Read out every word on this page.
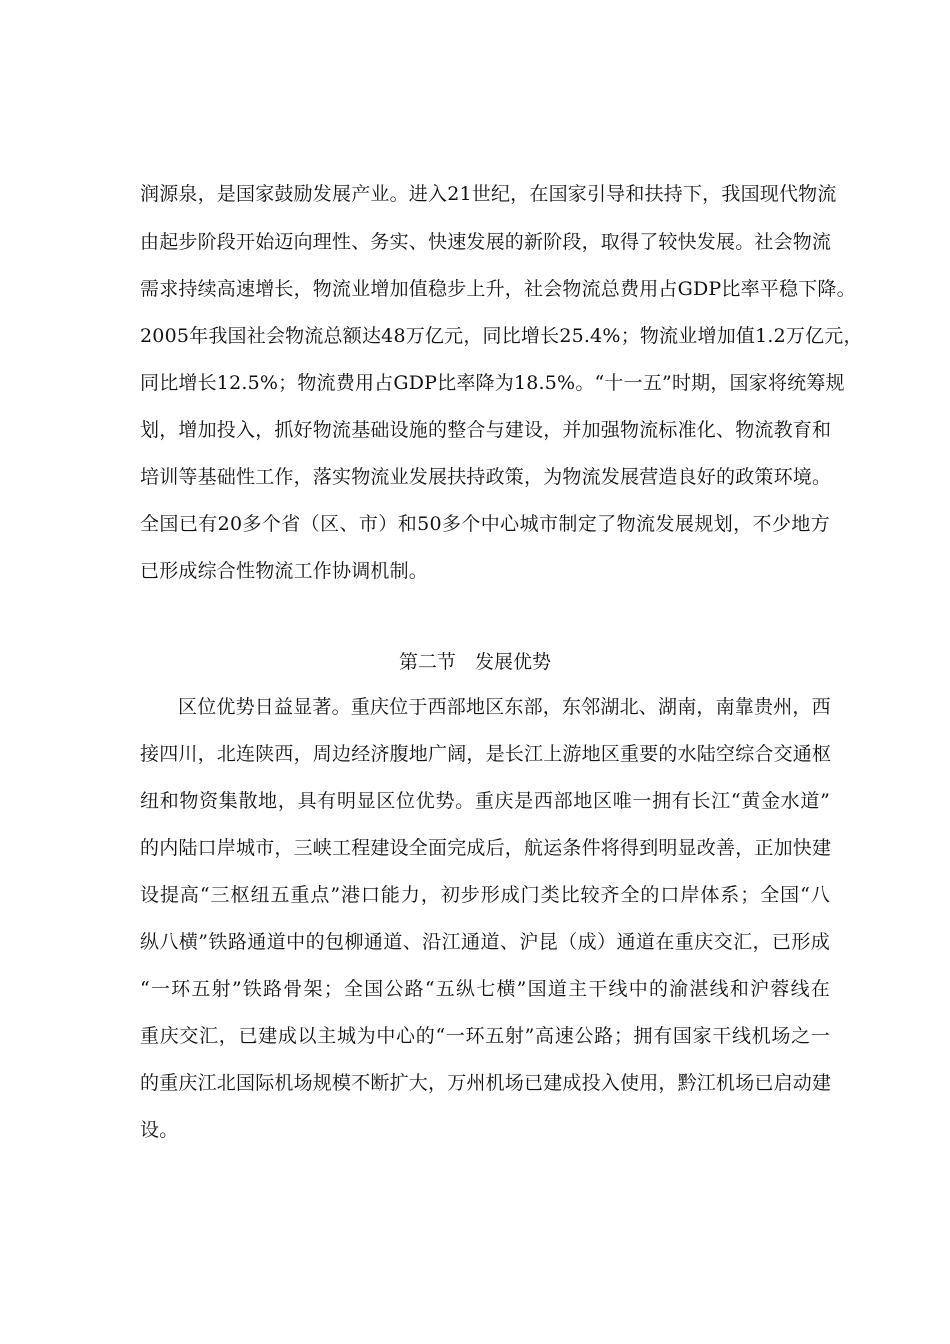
润源泉，是国家鼓励发展产业。进入21世纪，在国家引导和扶持下，我国现代物流
由起步阶段开始迈向理性、务实、快速发展的新阶段，取得了较快发展。社会物流
需求持续高速增长，物流业增加值稳步上升，社会物流总费用占GDP比率平稳下降。
2005年我国社会物流总额达48万亿元，同比增长25.4%；物流业增加值1.2万亿元，
同比增长12.5%；物流费用占GDP比率降为18.5%。“十一五”时期，国家将统筹规
划，增加投入，抓好物流基础设施的整合与建设，并加强物流标准化、物流教育和
培训等基础性工作，落实物流业发展扶持政策，为物流发展营造良好的政策环境。
全国已有20多个省（区、市）和50多个中心城市制定了物流发展规划，不少地方
已形成综合性物流工作协调机制。
第二节　发展优势
区位优势日益显著。重庆位于西部地区东部，东邻湖北、湖南，南靠贵州，西
接四川，北连陕西，周边经济腹地广阔，是长江上游地区重要的水陆空综合交通枢
纽和物资集散地，具有明显区位优势。重庆是西部地区唯一拥有长江“黄金水道”
的内陆口岸城市，三峡工程建设全面完成后，航运条件将得到明显改善，正加快建
设提高“三枢纽五重点”港口能力，初步形成门类比较齐全的口岸体系；全国“八
纵八横”铁路通道中的包柳通道、沿江通道、沪昆（成）通道在重庆交汇，已形成
“一环五射”铁路骨架；全国公路“五纵七横”国道主干线中的渝湛线和沪蓉线在
重庆交汇，已建成以主城为中心的“一环五射”高速公路；拥有国家干线机场之一
的重庆江北国际机场规模不断扩大，万州机场已建成投入使用，黔江机场已启动建
设。
